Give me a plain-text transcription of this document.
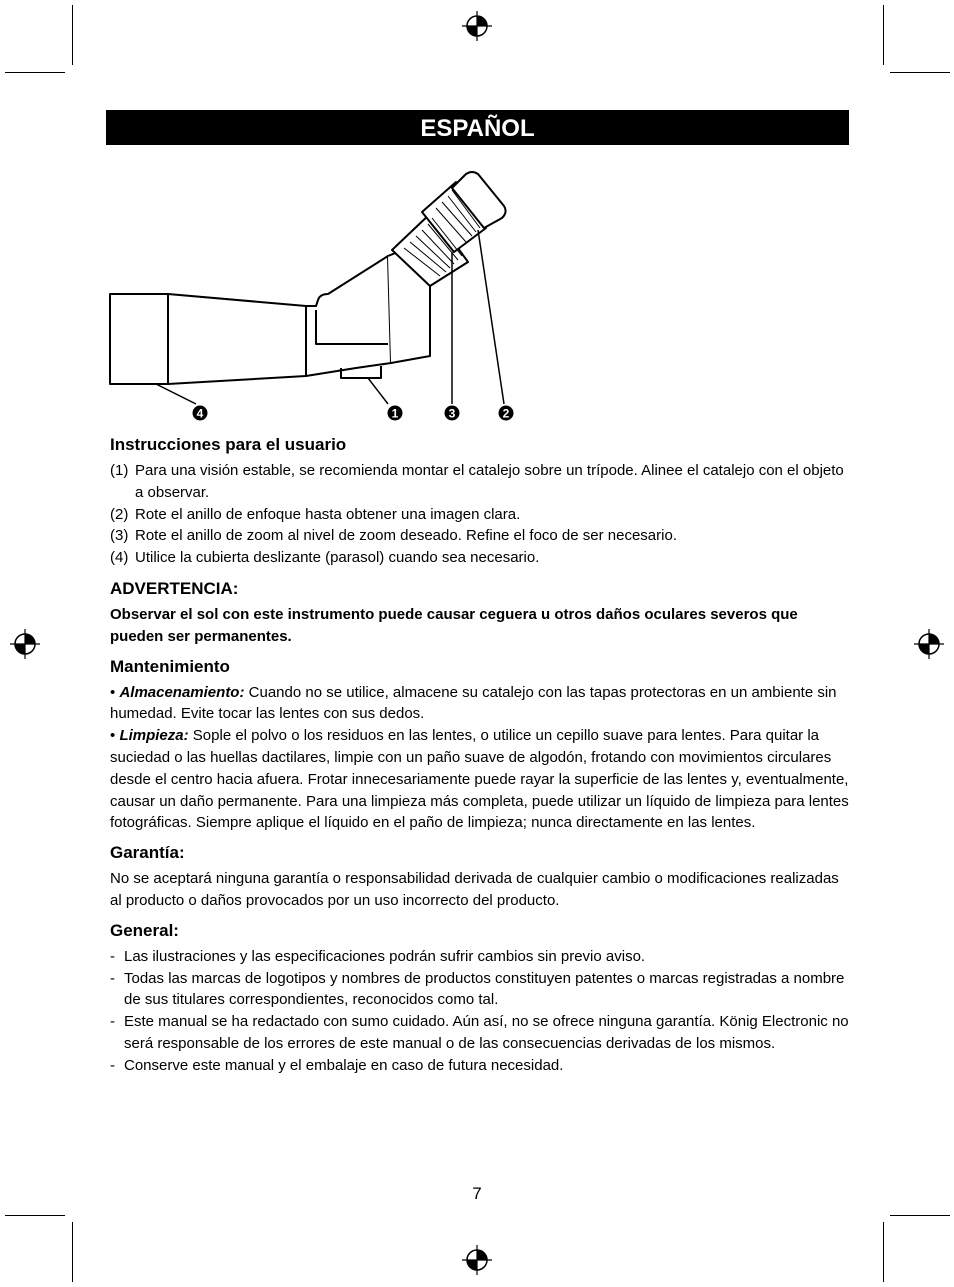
ESPAÑOL
4	1	3	2
Instrucciones para el usuario
(1) Para una visión estable, se recomienda montar el catalejo sobre un trípode. Alinee el catalejo con el objeto a observar.
(2) Rote el anillo de enfoque hasta obtener una imagen clara.
(3) Rote el anillo de zoom al nivel de zoom deseado. Refine el foco de ser necesario.
(4) Utilice la cubierta deslizante (parasol) cuando sea necesario.
ADVERTENCIA:

Observar el sol con este instrumento puede causar ceguera u otros daños oculares severos que pueden ser permanentes.

Mantenimiento

• Almacenamiento: Cuando no se utilice, almacene su catalejo con las tapas protectoras en un ambiente sin humedad. Evite tocar las lentes con sus dedos.

• Limpieza: Sople el polvo o los residuos en las lentes, o utilice un cepillo suave para lentes. Para quitar la suciedad o las huellas dactilares, limpie con un paño suave de algodón, frotando con movimientos circulares desde el centro hacia afuera. Frotar innecesariamente puede rayar la superficie de las lentes y, eventualmente, causar un daño permanente. Para una limpieza más completa, puede utilizar un líquido de limpieza para lentes fotográficas. Siempre aplique el líquido en el paño de limpieza; nunca directamente en las lentes.

Garantía:

No se aceptará ninguna garantía o responsabilidad derivada de cualquier cambio o modificaciones realizadas al producto o daños provocados por un uso incorrecto del producto.

General:
- Las ilustraciones y las especificaciones podrán sufrir cambios sin previo aviso.
- Todas las marcas de logotipos y nombres de productos constituyen patentes o marcas registradas a nombre de sus titulares correspondientes, reconocidos como tal.
- Este manual se ha redactado con sumo cuidado. Aún así, no se ofrece ninguna garantía. König Electronic no será responsable de los errores de este manual o de las consecuencias derivadas de los mismos.
- Conserve este manual y el embalaje en caso de futura necesidad.
7
